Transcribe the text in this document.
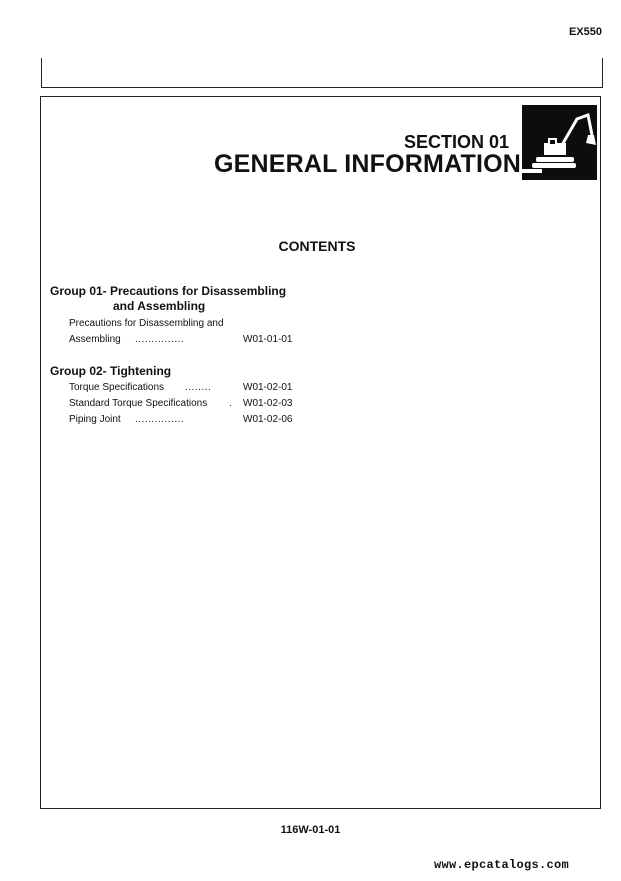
EX550
SECTION 01
GENERAL INFORMATION
CONTENTS
Group 01- Precautions for Disassembling
and Assembling
Precautions for Disassembling and
Assembling ...............	W01-01-01
Group 02- Tightening
Torque Specifications ........	W01-02-01
Standard Torque Specifications . W01-02-03
Piping Joint ...............	W01-02-06
116W-01-01
www.epcatalogs.com
